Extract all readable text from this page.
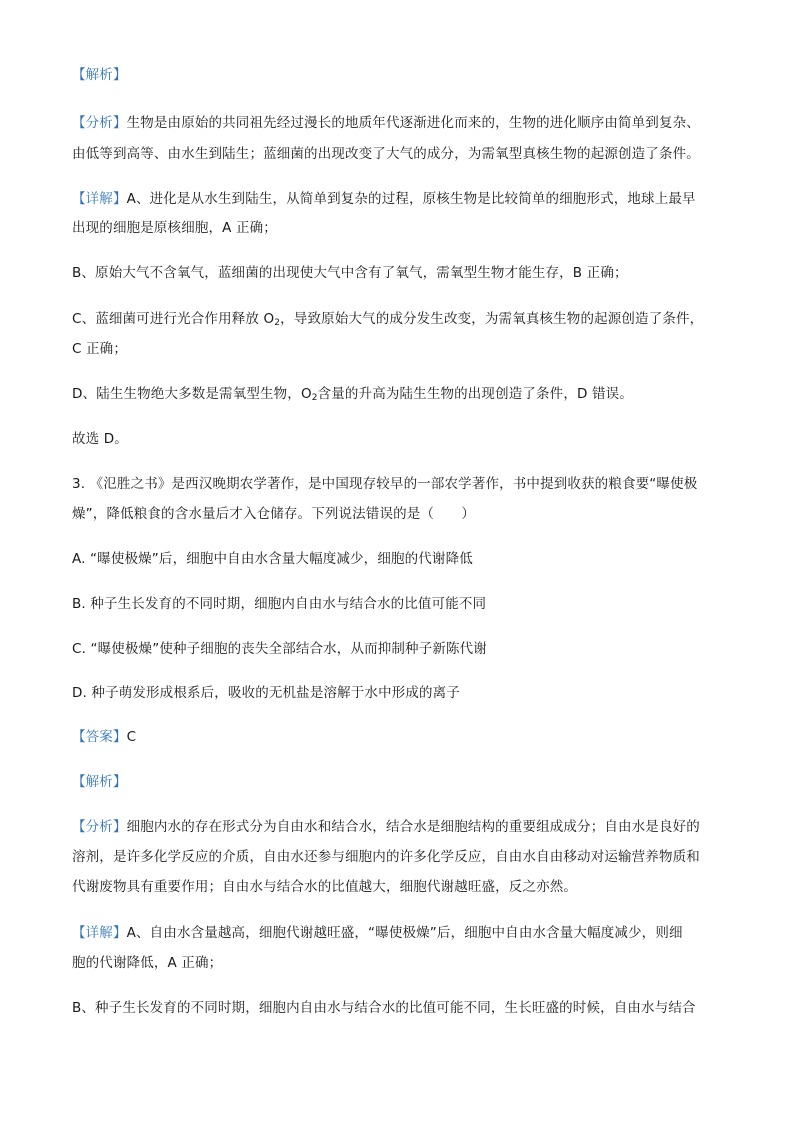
【解析】
【分析】生物是由原始的共同祖先经过漫长的地质年代逐渐进化而来的，生物的进化顺序由简单到复杂、
由低等到高等、由水生到陆生；蓝细菌的出现改变了大气的成分，为需氧型真核生物的起源创造了条件。
【详解】A、进化是从水生到陆生，从简单到复杂的过程，原核生物是比较简单的细胞形式，地球上最早
出现的细胞是原核细胞，A 正确；
B、原始大气不含氧气，蓝细菌的出现使大气中含有了氧气，需氧型生物才能生存，B 正确；
C、蓝细菌可进行光合作用释放 $O_2$，导致原始大气的成分发生改变，为需氧真核生物的起源创造了条件，
C 正确；
D、陆生生物绝大多数是需氧型生物，$O_2$含量的升高为陆生生物的出现创造了条件，D 错误。
故选 D。
3. 《氾胜之书》是西汉晚期农学著作，是中国现存较早的一部农学著作，书中提到收获的粮食要“曝使极
燥”，降低粮食的含水量后才入仓储存。下列说法错误的是（　　）
A. “曝使极燥”后，细胞中自由水含量大幅度减少，细胞的代谢降低
B. 种子生长发育的不同时期，细胞内自由水与结合水的比值可能不同
C. “曝使极燥”使种子细胞的丧失全部结合水，从而抑制种子新陈代谢
D. 种子萌发形成根系后，吸收的无机盐是溶解于水中形成的离子
【答案】C
【解析】
【分析】细胞内水的存在形式分为自由水和结合水，结合水是细胞结构的重要组成成分；自由水是良好的
溶剂，是许多化学反应的介质，自由水还参与细胞内的许多化学反应，自由水自由移动对运输营养物质和
代谢废物具有重要作用；自由水与结合水的比值越大，细胞代谢越旺盛，反之亦然。
【详解】A、自由水含量越高，细胞代谢越旺盛，“曝使极燥”后，细胞中自由水含量大幅度减少，则细
胞的代谢降低，A 正确；
B、种子生长发育的不同时期，细胞内自由水与结合水的比值可能不同，生长旺盛的时候，自由水与结合
